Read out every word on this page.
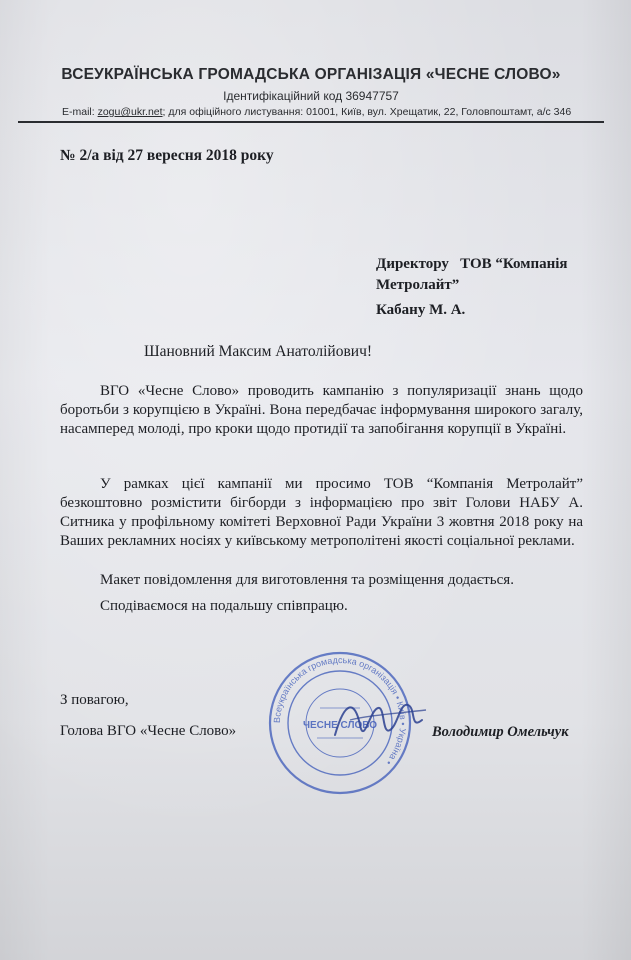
ВСЕУКРАЇНСЬКА ГРОМАДСЬКА ОРГАНІЗАЦІЯ «ЧЕСНЕ СЛОВО»
Ідентифікаційний код 36947757
E-mail: zogu@ukr.net; для офіційного листування: 01001, Київ, вул. Хрещатик, 22, Головпоштамт, а/с 346
№ 2/а від 27 вересня 2018 року
Директору   ТОВ “Компанія
Метролайт”
Кабану М. А.
Шановний Максим Анатолійович!
ВГО «Чесне Слово» проводить кампанію з популяризації знань щодо боротьби з корупцією в Україні. Вона передбачає інформування широкого загалу, насамперед молоді, про кроки щодо протидії та запобігання корупції в Україні.
У рамках цієї кампанії ми просимо ТОВ “Компанія Метролайт” безкоштовно розмістити бігборди з інформацією про звіт Голови НАБУ А. Ситника у профільному комітеті Верховної Ради України 3 жовтня 2018 року на Ваших рекламних носіях у київському метрополітені якості соціальної реклами.
Макет повідомлення для виготовлення та розміщення додається.
Сподіваємося на подальшу співпрацю.
З повагою,
Голова ВГО «Чесне Слово»
Всеукраїнська громадська організація • Київ • Україна •
ЧЕСНЕ СЛОВО	Володимир Омельчук
